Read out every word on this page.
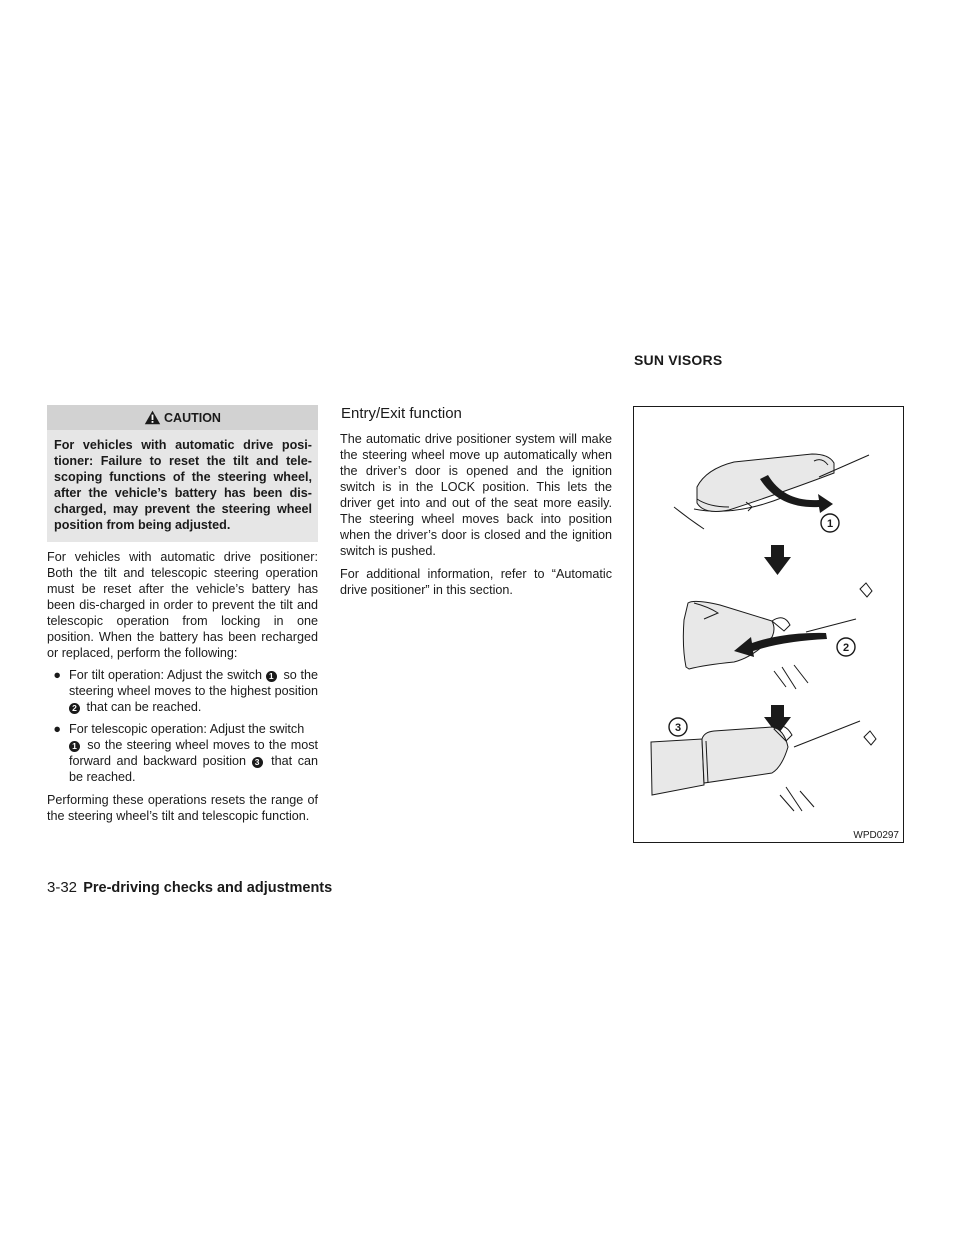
SUN VISORS
CAUTION
For vehicles with automatic drive posi-tioner: Failure to reset the tilt and tele-scoping functions of the steering wheel, after the vehicle’s battery has been dis-charged, may prevent the steering wheel position from being adjusted.

For vehicles with automatic drive positioner: Both the tilt and telescopic steering operation must be reset after the vehicle’s battery has been dis-charged in order to prevent the tilt and telescopic operation from locking in one position. When the battery has been recharged or replaced, perform the following:

● For tilt operation: Adjust the switch 1 so the steering wheel moves to the highest position 2 that can be reached.
● For telescopic operation: Adjust the switch
1 so the steering wheel moves to the most forward and backward position 3 that can be reached.

Performing these operations resets the range of the steering wheel’s tilt and telescopic function.

Entry/Exit function

The automatic drive positioner system will make the steering wheel move up automatically when the driver’s door is opened and the ignition switch is in the LOCK position. This lets the driver get into and out of the seat more easily. The steering wheel moves back into position when the driver’s door is closed and the ignition switch is pushed.

For additional information, refer to “Automatic drive positioner” in this section.

1
2
3
WPD0297
3-32 Pre-driving checks and adjustments
